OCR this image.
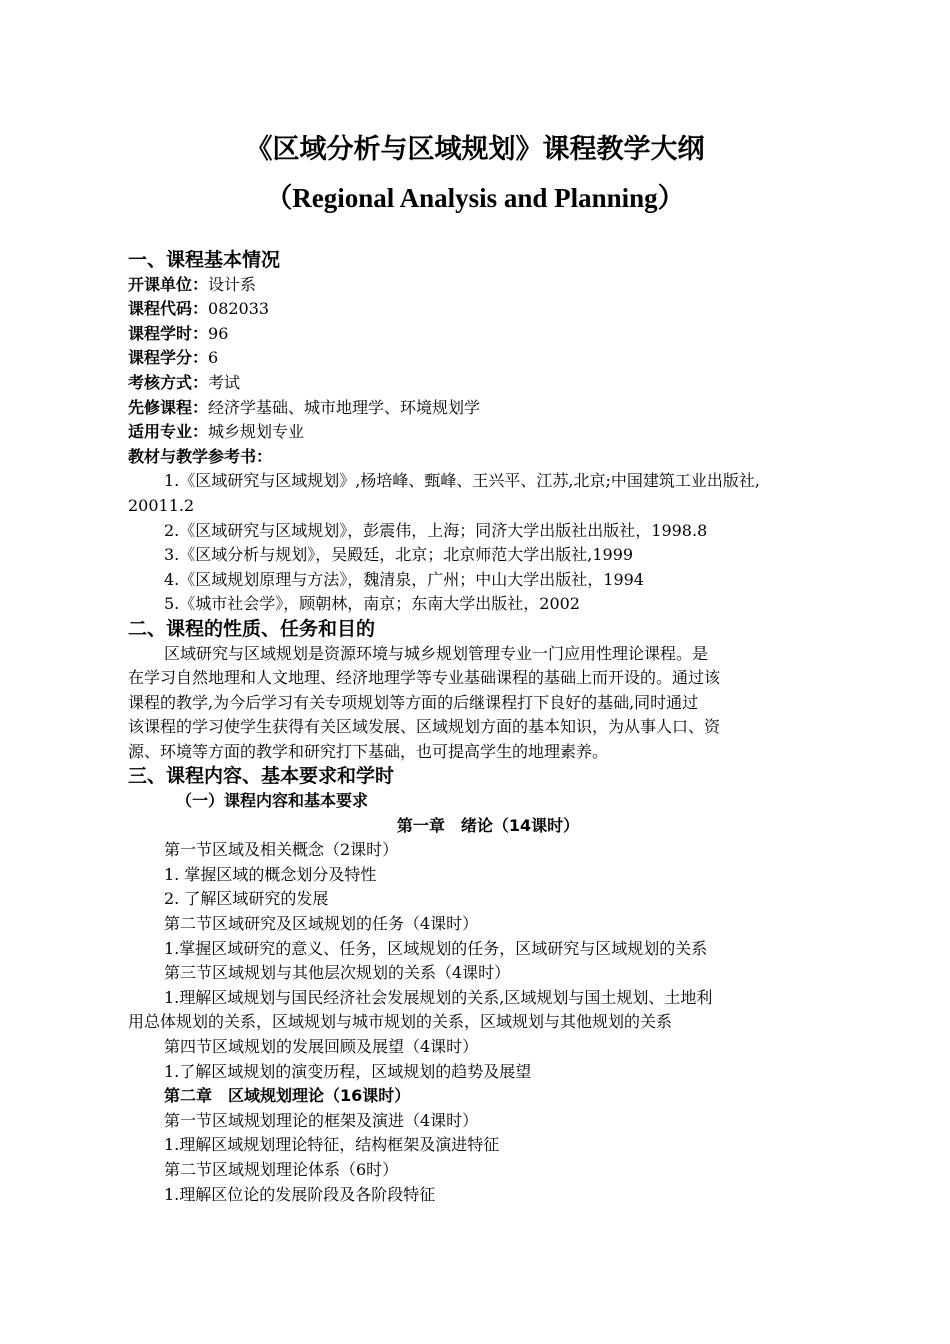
《区域分析与区域规划》课程教学大纲
（Regional Analysis and Planning）
一、课程基本情况
开课单位：设计系
课程代码：082033
课程学时：96
课程学分：6
考核方式：考试
先修课程：经济学基础、城市地理学、环境规划学
适用专业：城乡规划专业
教材与教学参考书：
1.《区域研究与区域规划》,杨培峰、甄峰、王兴平、江苏,北京;中国建筑工业出版社,
20011.2
2.《区域研究与区域规划》，彭震伟，上海；同济大学出版社出版社，1998.8
3.《区域分析与规划》，吴殿廷，北京；北京师范大学出版社,1999
4.《区域规划原理与方法》，魏清泉，广州；中山大学出版社，1994
5.《城市社会学》，顾朝林，南京；东南大学出版社，2002
二、课程的性质、任务和目的
区域研究与区域规划是资源环境与城乡规划管理专业一门应用性理论课程。是
在学习自然地理和人文地理、经济地理学等专业基础课程的基础上而开设的。通过该
课程的教学,为今后学习有关专项规划等方面的后继课程打下良好的基础,同时通过
该课程的学习使学生获得有关区域发展、区域规划方面的基本知识，为从事人口、资
源、环境等方面的教学和研究打下基础，也可提高学生的地理素养。
三、课程内容、基本要求和学时
（一）课程内容和基本要求
第一章　绪论（14课时）
第一节区域及相关概念（2课时）
1. 掌握区域的概念划分及特性
2. 了解区域研究的发展
第二节区域研究及区域规划的任务（4课时）
1.掌握区域研究的意义、任务，区域规划的任务，区域研究与区域规划的关系
第三节区域规划与其他层次规划的关系（4课时）
1.理解区域规划与国民经济社会发展规划的关系,区域规划与国土规划、土地利
用总体规划的关系，区域规划与城市规划的关系，区域规划与其他规划的关系
第四节区域规划的发展回顾及展望（4课时）
1.了解区域规划的演变历程，区域规划的趋势及展望
第二章　区域规划理论（16课时）
第一节区域规划理论的框架及演进（4课时）
1.理解区域规划理论特征，结构框架及演进特征
第二节区域规划理论体系（6时）
1.理解区位论的发展阶段及各阶段特征
